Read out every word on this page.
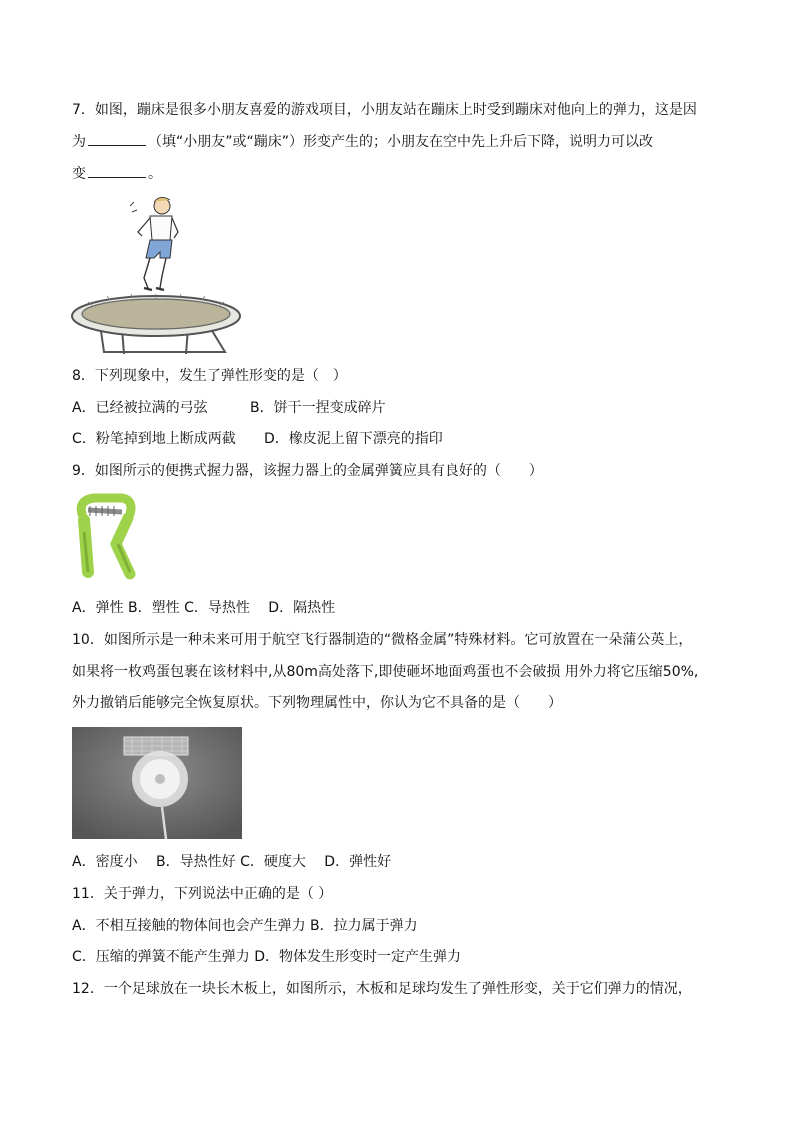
7．如图，蹦床是很多小朋友喜爱的游戏项目，小朋友站在蹦床上时受到蹦床对他向上的弹力，这是因
为	（填“小朋友”或“蹦床”）形变产生的；小朋友在空中先上升后下降，说明力可以改
变	。
8．下列现象中，发生了弹性形变的是（　）
A．已经被拉满的弓弦	B．饼干一捏变成碎片
C．粉笔掉到地上断成两截 D．橡皮泥上留下漂亮的指印
9．如图所示的便携式握力器，该握力器上的金属弹簧应具有良好的（　　）
A．弹性 B．塑性 C．导热性　 D．隔热性
10．如图所示是一种未来可用于航空飞行器制造的“微格金属”特殊材料。它可放置在一朵蒲公英上，
如果将一枚鸡蛋包裹在该材料中,从80m高处落下,即使砸坏地面鸡蛋也不会破损 用外力将它压缩50%,
外力撤销后能够完全恢复原状。下列物理属性中，你认为它不具备的是（　　）
A．密度小　 B．导热性好 C．硬度大　 D．弹性好
11．关于弹力，下列说法中正确的是（ ）
A．不相互接触的物体间也会产生弹力 B．拉力属于弹力
C．压缩的弹簧不能产生弹力 D．物体发生形变时一定产生弹力
12．一个足球放在一块长木板上，如图所示，木板和足球均发生了弹性形变，关于它们弹力的情况，
